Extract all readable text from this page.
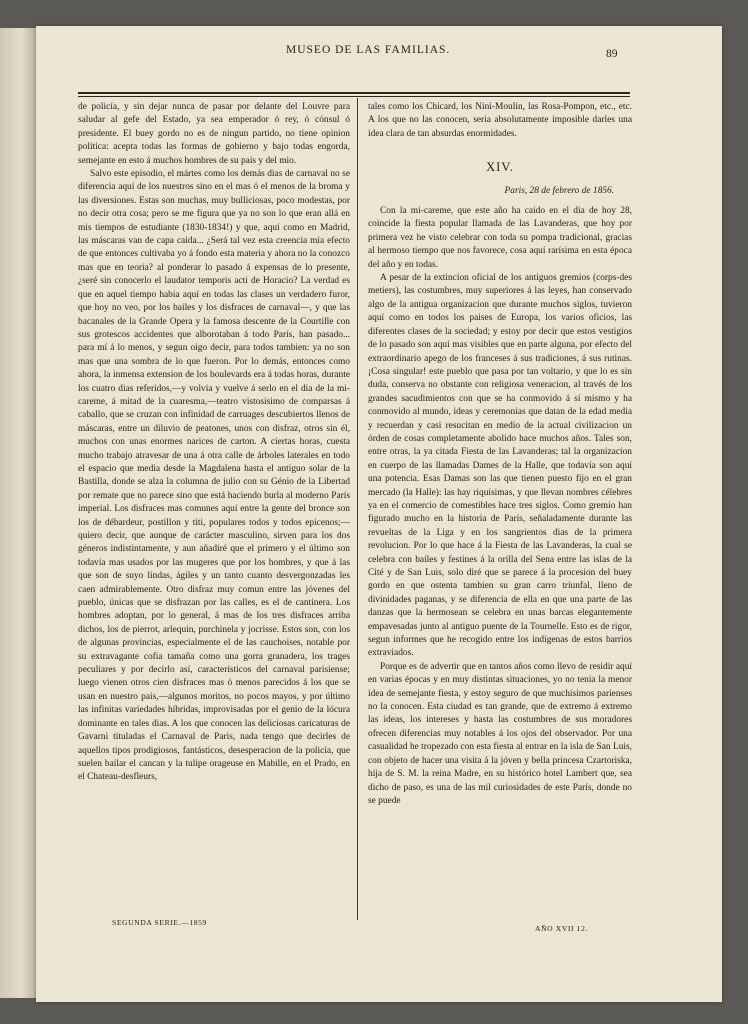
MUSEO DE LAS FAMILIAS.	89

de policía, y sin dejar nunca de pasar por delante del Louvre para saludar al gefe del Estado, ya sea emperador ó rey, ó cónsul ó presidente. El buey gordo no es de ningun partido, no tiene opinion política: acepta todas las formas de gobierno y bajo todas engorda, semejante en esto á muchos hombres de su pais y del mio.

Salvo este episodio, el mártes como los demás dias de carnaval no se diferencia aquí de los nuestros sino en el mas ó el menos de la broma y las diversiones. Estas son muchas, muy bulliciosas, poco modestas, por no decir otra cosa; pero se me figura que ya no son lo que eran allá en mis tiempos de estudiante (1830-1834!) y que, aquí como en Madrid, las máscaras van de capa caida... ¿Será tal vez esta creencia mía efecto de que entonces cultivaba yo á fondo esta materia y ahora no la conozco mas que en teoría? al ponderar lo pasado á expensas de lo presente, ¿seré sin conocerlo el laudator temporis acti de Horacio? La verdad es que en aquel tiempo habia aquí en todas las clases un verdadero furor, que hoy no veo, por los bailes y los disfraces de carnaval—, y que las bacanales de la Grande Opera y la famosa descente de la Courtille con sus grotescos accidentes que alborotaban á todo París, han pasado... para mí á lo menos, y segun oigo decir, para todos tambien: ya no son mas que una sombra de lo que fueron. Por lo demás, entonces como ahora, la inmensa extension de los boulevards era á todas horas, durante los cuatro dias referidos,—y volvia y vuelve á serlo en el dia de la mi-careme, á mitad de la cuaresma,—teatro vistosísimo de comparsas á caballo, que se cruzan con infinidad de carruages descubiertos llenos de máscaras, entre un diluvio de peatones, unos con disfraz, otros sin él, muchos con unas enormes narices de carton. A ciertas horas, cuesta mucho trabajo atravesar de una á otra calle de árboles laterales en todo el espacio que media desde la Magdalena hasta el antiguo solar de la Bastilla, donde se alza la columna de julio con su Génio de la Libertad por remate que no parece sino que está haciendo burla al moderno París imperial. Los disfraces mas comunes aquí entre la gente del bronce son los de débardeur, postillon y titi, populares todos y todos epicenos;—quiero decir, que aunque de carácter masculino, sirven para los dos géneros indistintamente, y aun añadiré que el primero y el último son todavía mas usados por las mugeres que por los hombres, y que á las que son de suyo lindas, ágiles y un tanto cuanto desvergonzadas les caen admirablemente. Otro disfraz muy comun entre las jóvenes del pueblo, únicas que se disfrazan por las calles, es el de cantinera. Los hombres adoptan, por lo general, á mas de los tres disfraces arriba dichos, los de pierrot, arlequin, purchinela y jocrisse. Estos son, con los de algunas provincias, especialmente el de las cauchoises, notable por su extravagante cofia tamaña como una gorra granadera, los trages peculiares y por decirlo así, característicos del carnaval parisiense; luego vienen otros cien disfraces mas ó menos parecidos á los que se usan en nuestro pais,—algunos moritos, no pocos mayos, y por último las infinitas variedades híbridas, improvisadas por el genio de la lócura dominante en tales dias. A los que conocen las deliciosas caricaturas de Gavarni tituladas el Carnaval de Paris, nada tengo que decirles de aquellos tipos prodigiosos, fantásticos, desesperacion de la policía, que suelen bailar el cancan y la tulipe orageuse en Mabille, en el Prado, en el Chateau-desfleurs,

tales como los Chicard, los Nini-Moulin, las Rosa-Pompon, etc., etc. A los que no las conocen, seria absolutamente imposible darles una idea clara de tan absurdas enormidades.

XIV.
Paris, 28 de febrero de 1856.

Con la mi-careme, que este año ha caido en el dia de hoy 28, coincide la fiesta popular llamada de las Lavanderas, que hoy por primera vez he visto celebrar con toda su pompa tradicional, gracias al hermoso tiempo que nos favorece, cosa aquí rarísima en esta época del año y en todas.

A pesar de la extincion oficial de los antiguos gremios (corps-des metiers), las costumbres, muy superiores á las leyes, han conservado algo de la antigua organizacion que durante muchos siglos, tuvieron aquí como en todos los paises de Europa, los varios oficios, las diferentes clases de la sociedad; y estoy por decir que estos vestigios de lo pasado son aquí mas visibles que en parte alguna, por efecto del extraordinario apego de los franceses á sus tradiciones, á sus rutinas. ¡Cosa singular! este pueblo que pasa por tan voltario, y que lo es sin duda, conserva no obstante con religiosa veneracion, al través de los grandes sacudimientos con que se ha conmovido á sí mismo y ha conmovido al mundo, ideas y ceremonias que datan de la edad media y recuerdan y casi resucitan en medio de la actual civilizacion un órden de cosas completamente abolido hace muchos años. Tales son, entre otras, la ya citada Fiesta de las Lavanderas; tal la organizacion en cuerpo de las llamadas Dames de la Halle, que todavía son aquí una potencia. Esas Damas son las que tienen puesto fijo en el gran mercado (la Halle): las hay riquísimas, y que llevan nombres célebres ya en el comercio de comestibles hace tres siglos. Como gremio han figurado mucho en la historia de París, señaladamente durante las revueltas de la Liga y en los sangrientos dias de la primera revolucion. Por lo que hace á la Fiesta de las Lavanderas, la cual se celebra con bailes y festines á la orilla del Sena entre las islas de la Cité y de San Luis, solo diré que se parece á la procesion del buey gordo en que ostenta tambien su gran carro triunfal, lleno de divinidades paganas, y se diferencia de ella en que una parte de las danzas que la hermosean se celebra en unas barcas elegantemente empavesadas junto al antiguo puente de la Tournelle. Esto es de rigor, segun informes que he recogido entre los indígenas de estos barrios extraviados.

Porque es de advertir que en tantos años como llevo de residir aquí en varias épocas y en muy distintas situaciones, yo no tenia la menor idea de semejante fiesta, y estoy seguro de que muchísimos parienses no la conocen. Esta ciudad es tan grande, que de extremo á extremo las ideas, los intereses y hasta las costumbres de sus moradores ofrecen diferencias muy notables á los ojos del observador. Por una casualidad he tropezado con esta fiesta al entrar en la isla de San Luis, con objeto de hacer una visita á la jóven y bella princesa Czartoriska, hija de S. M. la reina Madre, en su histórico hotel Lambert que, sea dicho de paso, es una de las mil curiosidades de este París, donde no se puede

SEGUNDA SERIE.—1859
AÑO XVII 12.
